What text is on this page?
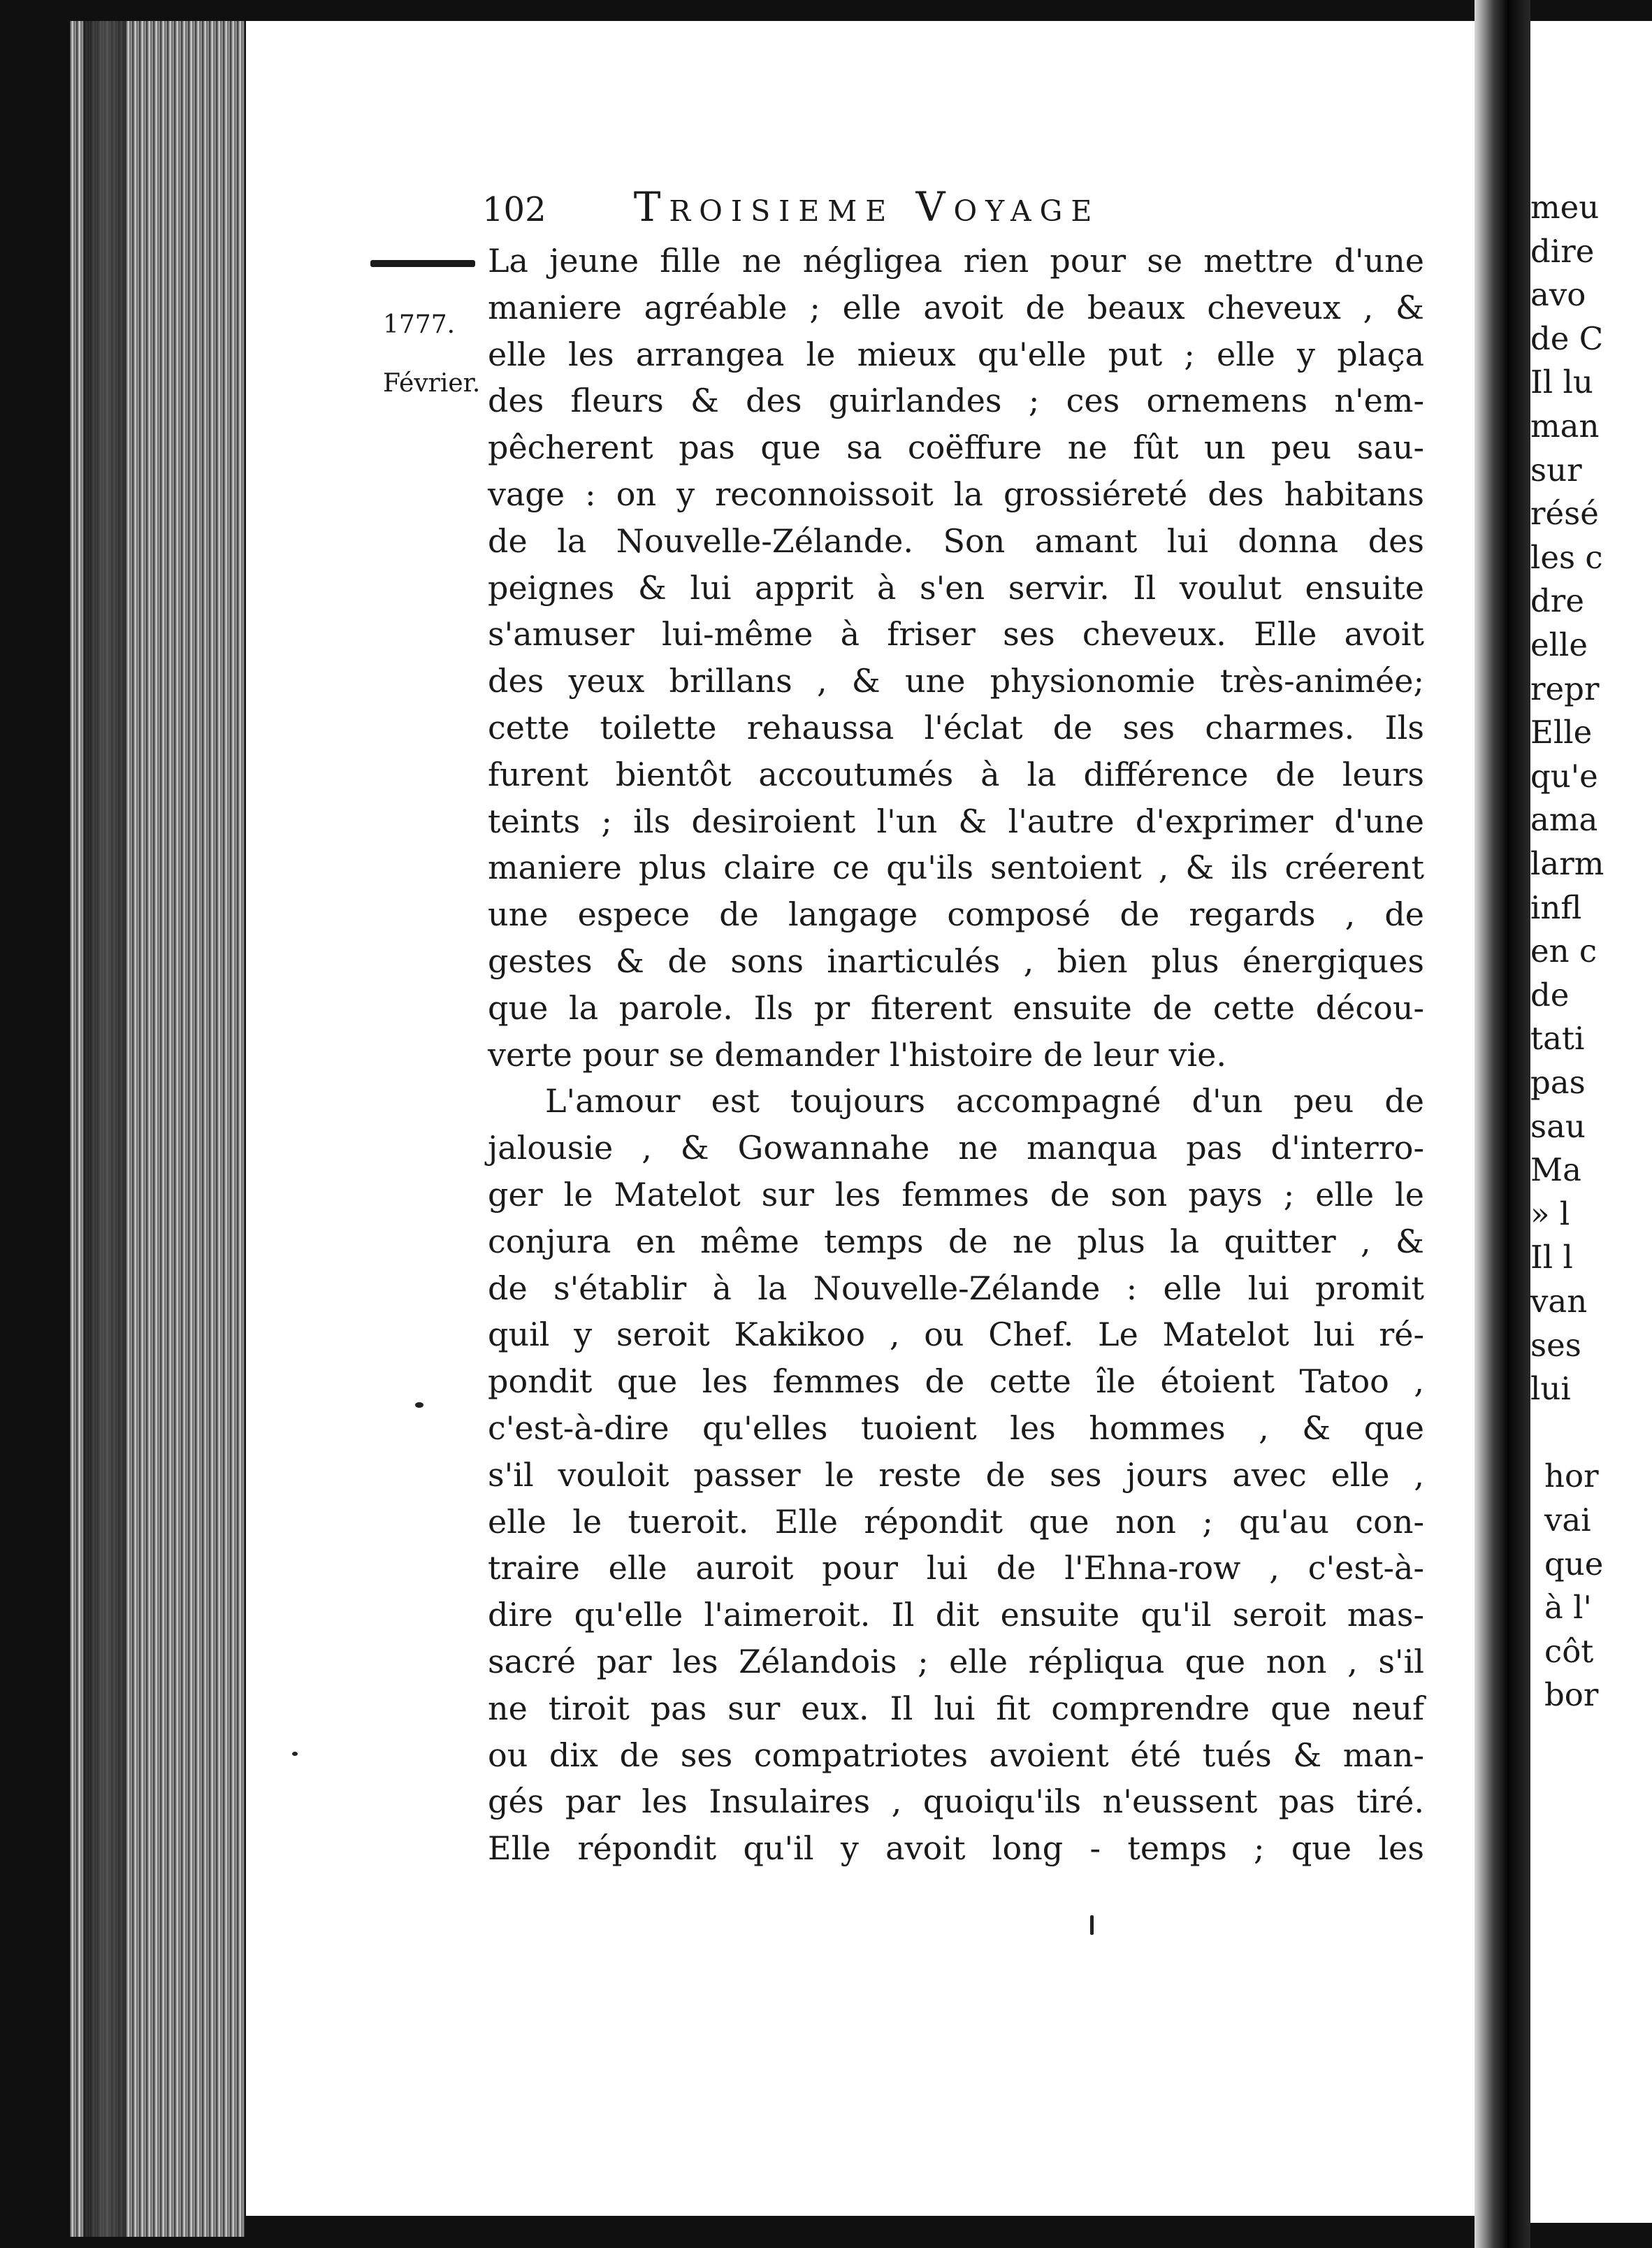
meu
dire
avo
de C
Il lu
man
sur
résé
les c
dre
elle
repr
Elle
qu'e
ama
larm
infl
en c
de
tati
pas
sau
Ma
» l
Il l
van
ses
lui
hor
vai
que
à l'
côt
bor
102 Troisieme Voyage
1777.
Février.
La jeune fille ne négligea rien pour se mettre d'une
maniere agréable ; elle avoit de beaux cheveux , &
elle les arrangea le mieux qu'elle put ; elle y plaça
des fleurs & des guirlandes ; ces ornemens n'em-
pêcherent pas que sa coëffure ne fût un peu sau-
vage : on y reconnoissoit la grossiéreté des habitans
de la Nouvelle-Zélande. Son amant lui donna des
peignes & lui apprit à s'en servir. Il voulut ensuite
s'amuser lui-même à friser ses cheveux. Elle avoit
des yeux brillans , & une physionomie très-animée;
cette toilette rehaussa l'éclat de ses charmes. Ils
furent bientôt accoutumés à la différence de leurs
teints ; ils desiroient l'un & l'autre d'exprimer d'une
maniere plus claire ce qu'ils sentoient , & ils créerent
une espece de langage composé de regards , de
gestes & de sons inarticulés , bien plus énergiques
que la parole. Ils pr fiterent ensuite de cette décou-
verte pour se demander l'histoire de leur vie.
L'amour est toujours accompagné d'un peu de
jalousie , & Gowannahe ne manqua pas d'interro-
ger le Matelot sur les femmes de son pays ; elle le
conjura en même temps de ne plus la quitter , &
de s'établir à la Nouvelle-Zélande : elle lui promit
quil y seroit Kakikoo , ou Chef. Le Matelot lui ré-
pondit que les femmes de cette île étoient Tatoo ,
c'est-à-dire qu'elles tuoient les hommes , & que
s'il vouloit passer le reste de ses jours avec elle ,
elle le tueroit. Elle répondit que non ; qu'au con-
traire elle auroit pour lui de l'Ehna-row , c'est-à-
dire qu'elle l'aimeroit. Il dit ensuite qu'il seroit mas-
sacré par les Zélandois ; elle répliqua que non , s'il
ne tiroit pas sur eux. Il lui fit comprendre que neuf
ou dix de ses compatriotes avoient été tués & man-
gés par les Insulaires , quoiqu'ils n'eussent pas tiré.
Elle répondit qu'il y avoit long - temps ; que les
